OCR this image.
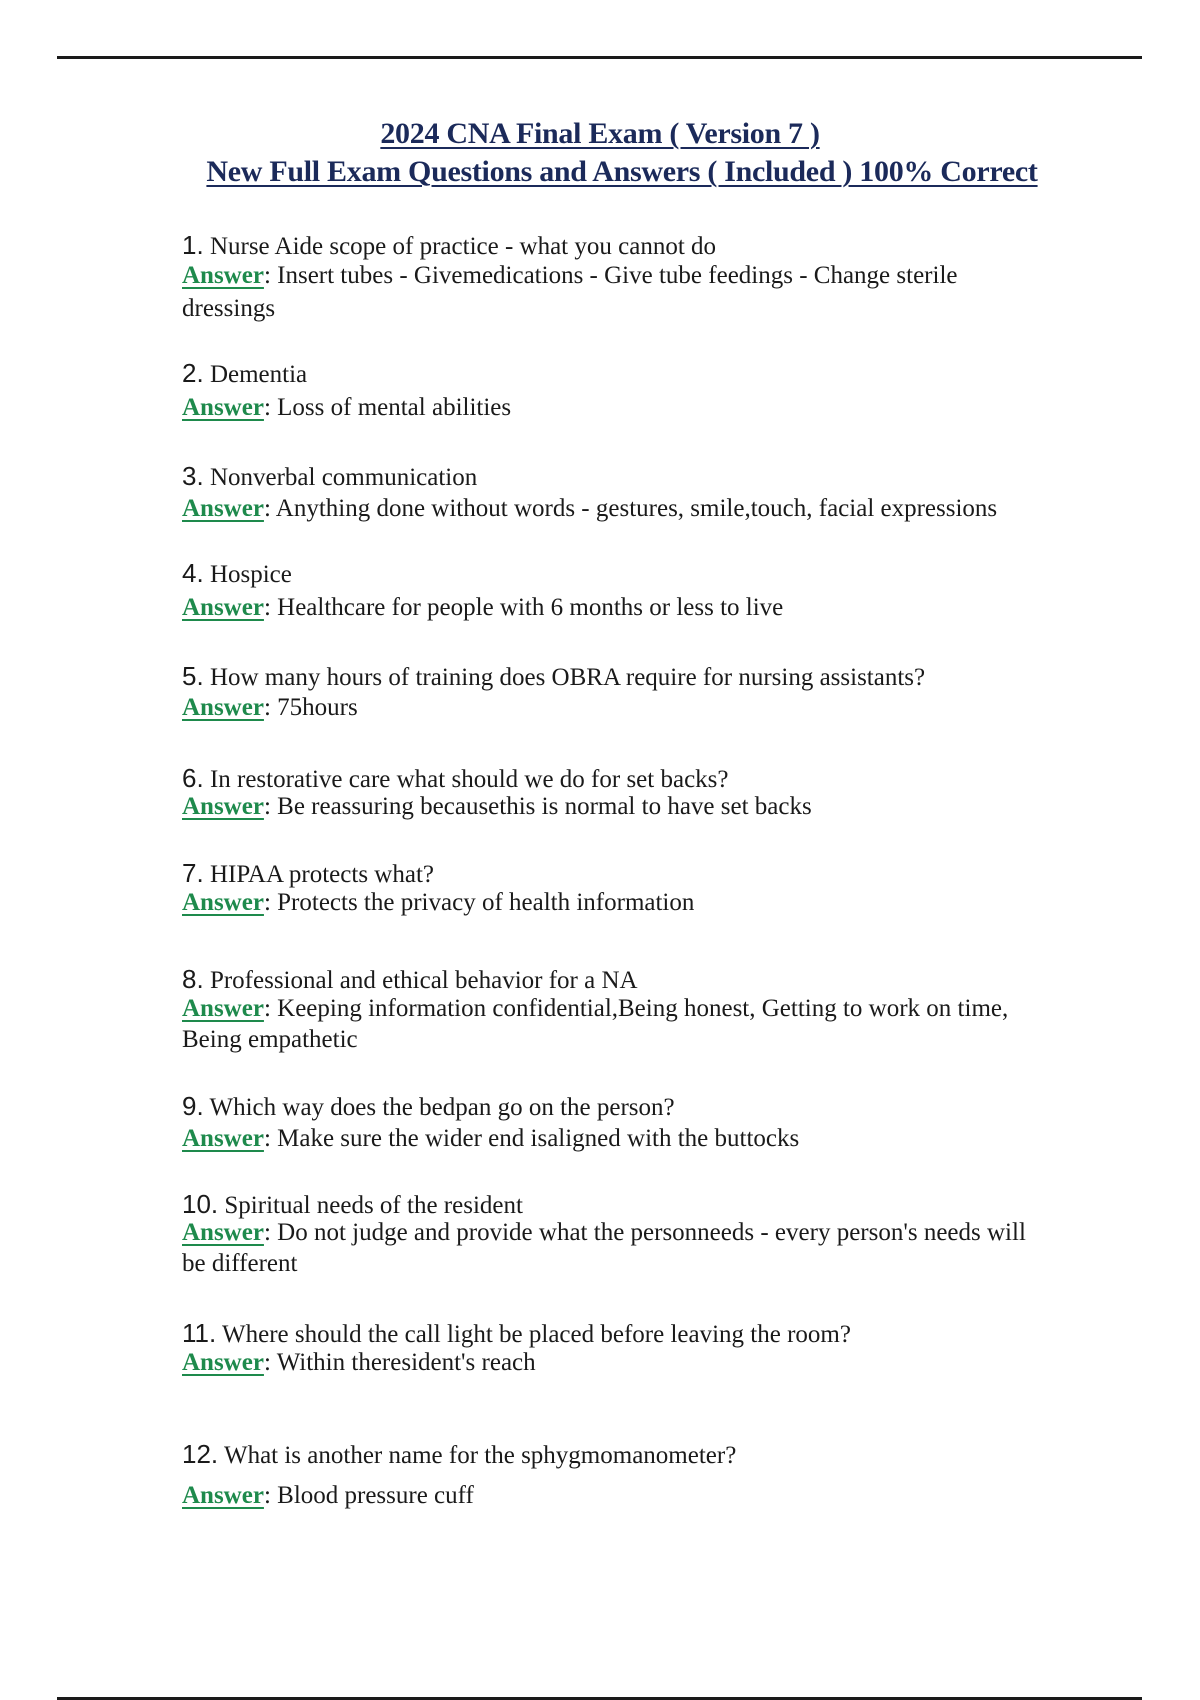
2024 CNA Final Exam ( Version 7 )
New Full Exam Questions and Answers ( Included ) 100% Correct
1. Nurse Aide scope of practice - what you cannot do
Answer: Insert tubes - Givemedications - Give tube feedings - Change sterile
dressings
2. Dementia
Answer: Loss of mental abilities
3. Nonverbal communication
Answer: Anything done without words - gestures, smile,touch, facial expressions
4. Hospice
Answer: Healthcare for people with 6 months or less to live
5. How many hours of training does OBRA require for nursing assistants?
Answer: 75hours
6. In restorative care what should we do for set backs?
Answer: Be reassuring becausethis is normal to have set backs
7. HIPAA protects what?
Answer: Protects the privacy of health information
8. Professional and ethical behavior for a NA
Answer: Keeping information confidential,Being honest, Getting to work on time,
Being empathetic
9. Which way does the bedpan go on the person?
Answer: Make sure the wider end isaligned with the buttocks
10. Spiritual needs of the resident
Answer: Do not judge and provide what the personneeds - every person's needs will
be different
11. Where should the call light be placed before leaving the room?
Answer: Within theresident's reach
12. What is another name for the sphygmomanometer?
Answer: Blood pressure cuff
